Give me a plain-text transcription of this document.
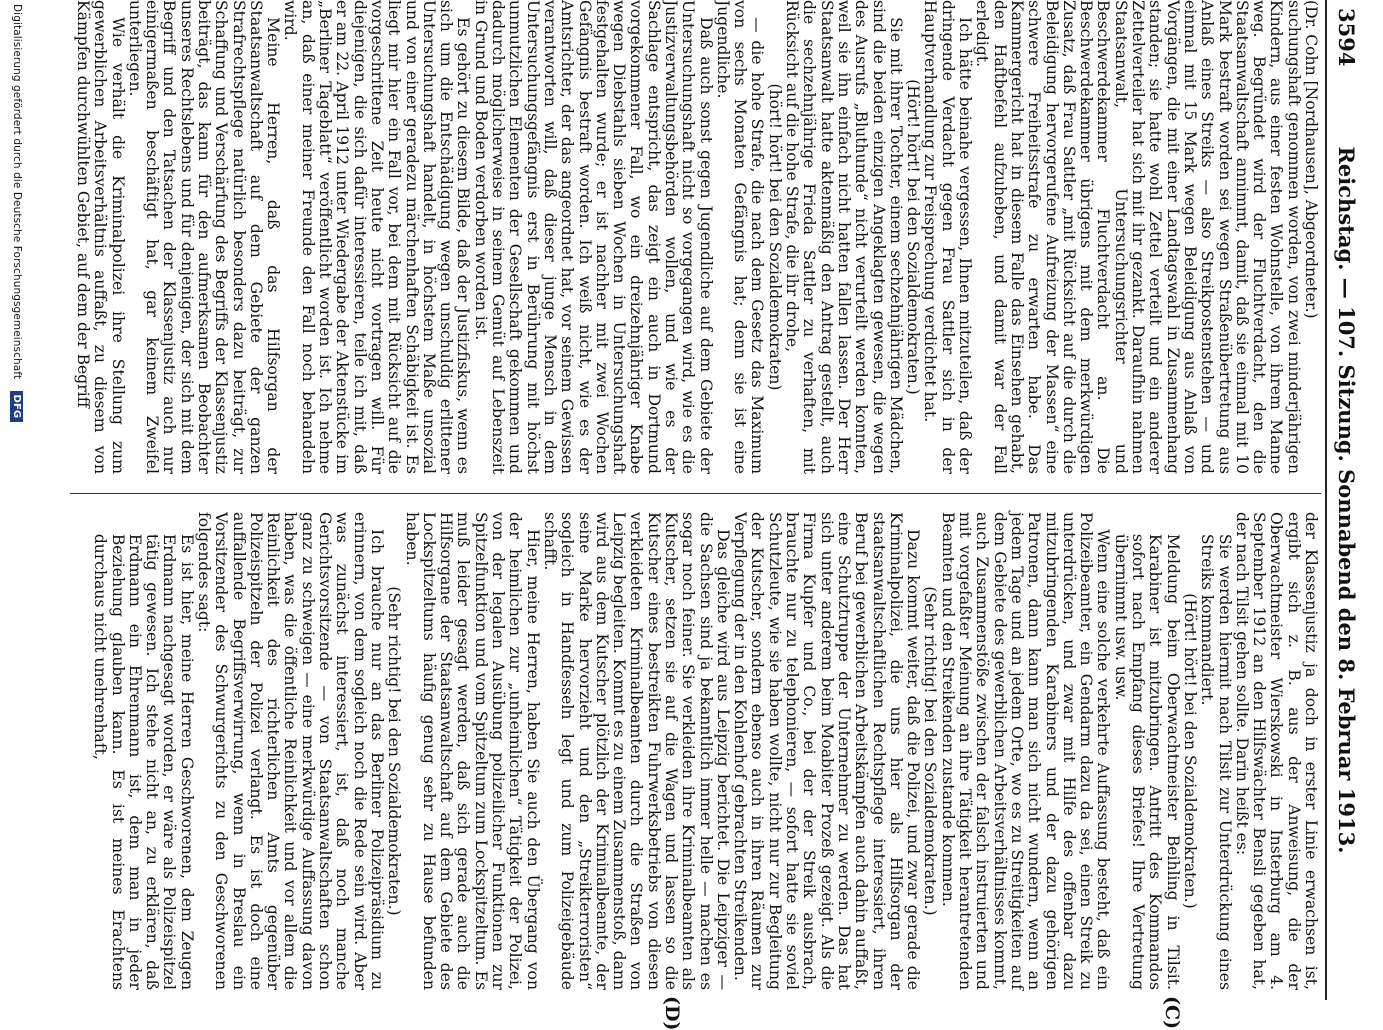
3594
Reichstag. — 107. Sitzung. Sonnabend den 8. Februar 1913.

(Dr. Cohn [Nordhausen], Abgeordneter.)

suchungshaft genommen worden, von zwei minderjährigen Kindern, aus einer festen Wohnstelle, von ihrem Manne weg. Begründet wird der Fluchtverdacht, den die Staatsanwaltschaft annimmt, damit, daß sie einmal mit 10 Mark bestraft worden sei wegen Straßenübertretung aus Anlaß eines Streiks — also Streikpostenstehen — und einmal mit 15 Mark wegen Beleidigung aus Anlaß von Vorgängen, die mit einer Landtagswahl in Zusammenhang standen; sie hatte wohl Zettel verteilt und ein anderer Zettelverteiler hat sich mit ihr gezankt. Daraufhin nahmen Staatsanwalt, Untersuchungsrichter und Beschwerdekammer Fluchtverdacht an. Die Beschwerdekammer übrigens mit dem merkwürdigen Zusatz, daß Frau Sattler „mit Rücksicht auf die durch die Beleidigung hervorgerufene Aufreizung der Massen“ eine schwere Freiheitsstrafe zu erwarten habe. Das Kammergericht hat in diesem Falle das Einsehen gehabt, den Haftbefehl aufzuheben, und damit war der Fall erledigt.

Ich hätte beinahe vergessen, Ihnen mitzuteilen, daß der dringende Verdacht gegen Frau Sattler sich in der Hauptverhandlung zur Freisprechung verdichtet hat.

(Hört! hört! bei den Sozialdemokraten.)

Sie mit ihrer Tochter, einem sechzehnjährigen Mädchen, sind die beiden einzigen Angeklagten gewesen, die wegen des Ausrufs „Bluthunde“ nicht verurteilt werden konnten, weil sie ihn einfach nicht hatten fallen lassen. Der Herr Staatsanwalt hatte aktenmäßig den Antrag gestellt, auch die sechzehnjährige Frieda Sattler zu verhaften, mit Rücksicht auf die hohe Strafe, die ihr drohe,

(hört! hört! bei den Sozialdemokraten)

— die hohe Strafe, die nach dem Gesetz das Maximum von sechs Monaten Gefängnis hat; denn sie ist eine Jugendliche.

Daß auch sonst gegen Jugendliche auf dem Gebiete der Untersuchungshaft nicht so vorgegangen wird, wie es die Justizverwaltungsbehörden wollen, und wie es der Sachlage entspricht, das zeigt ein auch in Dortmund vorgekommener Fall, wo ein dreizehnjähriger Knabe wegen Diebstahls sieben Wochen in Untersuchungshaft festgehalten wurde; er ist nachher mit zwei Wochen Gefängnis bestraft worden. Ich weiß nicht, wie es der Amtsrichter, der das angeordnet hat, vor seinem Gewissen verantworten will, daß dieser junge Mensch in dem Untersuchungsgefängnis erst in Berührung mit höchst unmutzlichen Elementen der Gesellschaft gekommen und dadurch möglicherweise in seinem Gemüt auf Lebenszeit in Grund und Boden verdorben worden ist.

Es gehört zu diesem Bilde, daß der Justizfiskus, wenn es sich um die Entschädigung wegen unschuldig erlittener Untersuchungshaft handelt, in höchstem Maße unsozial und von einer geradezu märchenhaften Schäbigkeit ist. Es liegt mir hier ein Fall vor, bei dem mit Rücksicht auf die vorgeschrittene Zeit heute nicht vortragen will. Für diejenigen, die sich dafür interessieren, teile ich mit, daß er am 22. April 1912 unter Wiedergabe der Aktenstücke im „Berliner Tageblatt“ veröffentlicht worden ist. Ich nehme an, daß einer meiner Freunde den Fall noch behandeln wird.

Meine Herren, daß das Hilfsorgan der Staatsanwaltschaft auf dem Gebiete der ganzen Strafrechtspflege natürlich besonders dazu beiträgt, zur Schaffung und Verschärfung des Begriffs der Klassenjustiz beiträgt, das kann für den aufmerksamen Beobachter unseres Rechtslebens und für denjenigen, der sich mit dem Begriff und den Tatsachen der Klassenjustiz auch nur einigermaßen beschäftigt hat, gar keinem Zweifel unterliegen.

Wie verhält die Kriminalpolizei ihre Stellung zum gewerblichen Arbeitsverhältnis auffaßt, zu diesem von Kämpfen durchwühlten Gebiet, auf dem der Begriff

der Klassenjustiz ja doch in erster Linie erwachsen ist, ergibt sich z. B. aus der Anweisung, die der Oberwachtmeister Wierskowski in Insterburg am 4. September 1912 an den Hilfswächter Bensli gegeben hat, der nach Tilsit gehen sollte. Darin heißt es:

Sie werden hiermit nach Tilsit zur Unterdrückung eines Streiks kommandiert.

(Hört! hört! bei den Sozialdemokraten.)

Meldung beim Oberwachtmeister Beihling in Tilsit. Karabiner ist mitzubringen. Antritt des Kommandos sofort nach Empfang dieses Briefes! Ihre Vertretung übernimmt usw. usw.

Wenn eine solche verkehrte Auffassung besteht, daß ein Polizeibeamter, ein Gendarm dazu da sei, einen Streik zu unterdrücken, und zwar mit Hilfe des offenbar dazu mitzubringenden Karabiners und der dazu gehörigen Patronen, dann kann man sich nicht wundern, wenn an jedem Tage und an jedem Orte, wo es zu Streitigkeiten auf dem Gebiete des gewerblichen Arbeitsverhältnisses kommt, auch Zusammenstöße zwischen der falsch instruierten und mit vorgefaßter Meinung an ihre Tätigkeit herantretenden Beamten und den Streikenden zustande kommen.

(Sehr richtig! bei den Sozialdemokraten.)

Dazu kommt weiter, daß die Polizei, und zwar gerade die Kriminalpolizei, die uns hier als Hilfsorgan der staatsanwaltschaftlichen Rechtspflege interessiert, ihren Beruf bei gewerblichen Arbeitskämpfen auch dahin auffaßt, eine Schutztruppe der Unternehmer zu werden. Das hat sich unter anderem beim Moabiter Prozeß gezeigt. Als die Firma Kupfer und Co., bei der der Streik ausbrach, brauchte nur zu telephonieren, — sofort hatte sie soviel Schutzleute, wie sie haben wollte, nicht nur zur Begleitung der Kutscher, sondern ebenso auch in ihren Räumen zur Verpflegung der in den Kohlenhof gebrachten Streikenden.

Das gleiche wird aus Leipzig berichtet. Die Leipziger — die Sachsen sind ja bekanntlich immer helle — machen es sogar noch feiner. Sie verkleiden ihre Kriminalbeamten als Kutscher, setzen sie auf die Wagen und lassen so die Kutscher eines bestreikten Fuhrwerksbetriebs von diesen verkleideten Kriminalbeamten durch die Straßen von Leipzig begleiten. Kommt es zu einem Zusammenstoß, dann wird aus dem Kutscher plötzlich der Kriminalbeamte, der seine Marke hervorzieht und den „Streikterroristen“ sogleich in Handfesseln legt und zum Polizeigebäude schafft.

Hier, meine Herren, haben Sie auch den Übergang von der heimlichen zur „unheimlichen“ Tätigkeit der Polizei, von der legalen Ausübung polizeilicher Funktionen zur Spitzelfunktion und vom Spitzeltum zum Lockspitzeltum. Es muß leider gesagt werden, daß sich gerade auch die Hilfsorgane der Staatsanwaltschaft auf dem Gebiete des Lockspitzeltums häufig genug sehr zu Hause befunden haben.

(Sehr richtig! bei den Sozialdemokraten.)

Ich brauche nur an das Berliner Polizeipräsidium zu erinnern, von dem sogleich noch die Rede sein wird. Aber was zunächst interessiert, ist, daß noch manche Gerichtsvorsitzende — von Staatsanwaltschaften schon ganz zu schweigen — eine merkwürdige Auffassung davon haben, was die öffentliche Reinlichkeit und vor allem die Reinlichkeit des richterlichen Amts gegenüber Polizeispitzeln der Polizei verlangt. Es ist doch eine auffallende Begriffsverwirrung, wenn in Breslau ein Vorsitzender des Schwurgerichts zu den Geschworenen folgendes sagt:

Es ist hier, meine Herren Geschworenen, dem Zeugen Erdmann nachgesagt worden, er wäre als Polizeispitzel tätig gewesen. Ich stehe nicht an, zu erklären, daß Erdmann ein Ehrenmann ist, dem man in jeder Beziehung glauben kann. Es ist meines Erachtens durchaus nicht unehrenhaft,

(C)
(D)
Digitalisierung gefördert durch die Deutsche Forschungsgemeinschaft DFG
